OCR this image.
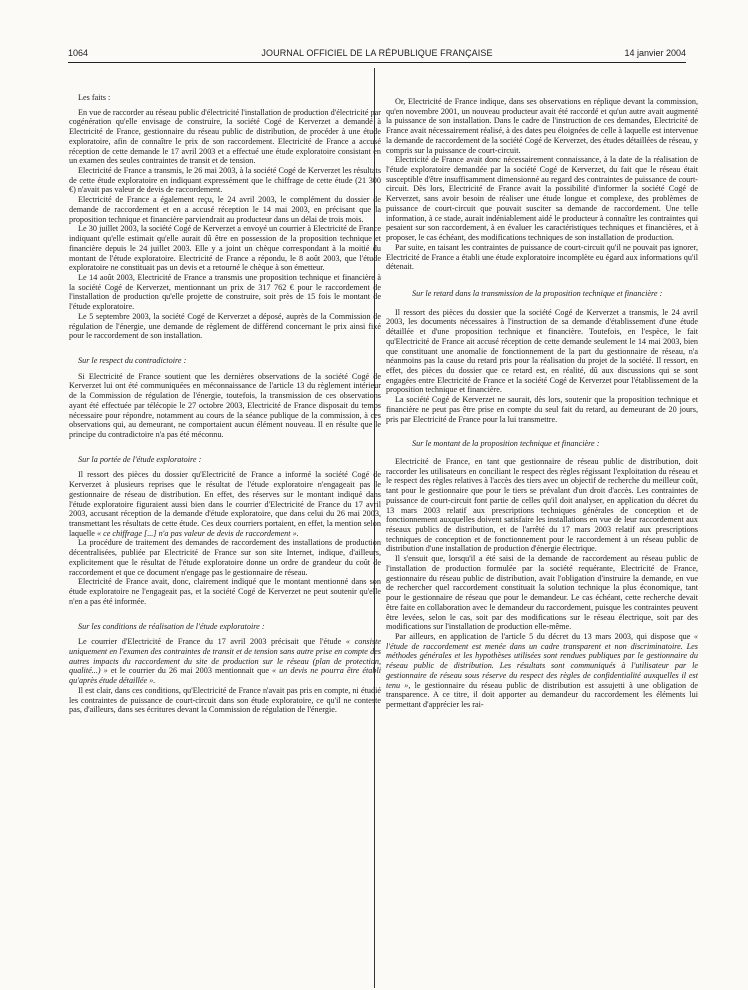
1064	JOURNAL OFFICIEL DE LA RÉPUBLIQUE FRANÇAISE	14 janvier 2004
Les faits :

En vue de raccorder au réseau public d'électricité l'installation de production d'électricité par cogénération qu'elle envisage de construire, la société Cogé de Kerverzet a demandé à Electricité de France, gestionnaire du réseau public de distribution, de procéder à une étude exploratoire, afin de connaître le prix de son raccordement. Electricité de France a accusé réception de cette demande le 17 avril 2003 et a effectué une étude exploratoire consistant en un examen des seules contraintes de transit et de tension.

Electricité de France a transmis, le 26 mai 2003, à la société Cogé de Kerverzet les résultats de cette étude exploratoire en indiquant expressément que le chiffrage de cette étude (21 300 €) n'avait pas valeur de devis de raccordement.

Electricité de France a également reçu, le 24 avril 2003, le complément du dossier de demande de raccordement et en a accusé réception le 14 mai 2003, en précisant que la proposition technique et financière parviendrait au producteur dans un délai de trois mois.

Le 30 juillet 2003, la société Cogé de Kerverzet a envoyé un courrier à Electricité de France indiquant qu'elle estimait qu'elle aurait dû être en possession de la proposition technique et financière depuis le 24 juillet 2003. Elle y a joint un chèque correspondant à la moitié du montant de l'étude exploratoire. Electricité de France a répondu, le 8 août 2003, que l'étude exploratoire ne constituait pas un devis et a retourné le chèque à son émetteur.

Le 14 août 2003, Electricité de France a transmis une proposition technique et financière à la société Cogé de Kerverzet, mentionnant un prix de 317 762 € pour le raccordement de l'installation de production qu'elle projette de construire, soit près de 15 fois le montant de l'étude exploratoire.

Le 5 septembre 2003, la société Cogé de Kerverzet a déposé, auprès de la Commission de régulation de l'énergie, une demande de règlement de différend concernant le prix ainsi fixé pour le raccordement de son installation.

Sur le respect du contradictoire :

Si Electricité de France soutient que les dernières observations de la société Cogé de Kerverzet lui ont été communiquées en méconnaissance de l'article 13 du règlement intérieur de la Commission de régulation de l'énergie, toutefois, la transmission de ces observations ayant été effectuée par télécopie le 27 octobre 2003, Electricité de France disposait du temps nécessaire pour répondre, notamment au cours de la séance publique de la commission, à ces observations qui, au demeurant, ne comportaient aucun élément nouveau. Il en résulte que le principe du contradictoire n'a pas été méconnu.

Sur la portée de l'étude exploratoire :

Il ressort des pièces du dossier qu'Electricité de France a informé la société Cogé de Kerverzet à plusieurs reprises que le résultat de l'étude exploratoire n'engageait pas le gestionnaire de réseau de distribution. En effet, des réserves sur le montant indiqué dans l'étude exploratoire figuraient aussi bien dans le courrier d'Electricité de France du 17 avril 2003, accusant réception de la demande d'étude exploratoire, que dans celui du 26 mai 2003, transmettant les résultats de cette étude. Ces deux courriers portaient, en effet, la mention selon laquelle « ce chiffrage [...] n'a pas valeur de devis de raccordement ».

La procédure de traitement des demandes de raccordement des installations de production décentralisées, publiée par Electricité de France sur son site Internet, indique, d'ailleurs, explicitement que le résultat de l'étude exploratoire donne un ordre de grandeur du coût de raccordement et que ce document n'engage pas le gestionnaire de réseau.

Electricité de France avait, donc, clairement indiqué que le montant mentionné dans son étude exploratoire ne l'engageait pas, et la société Cogé de Kerverzet ne peut soutenir qu'elle n'en a pas été informée.

Sur les conditions de réalisation de l'étude exploratoire :

Le courrier d'Electricité de France du 17 avril 2003 précisait que l'étude « consiste uniquement en l'examen des contraintes de transit et de tension sans autre prise en compte des autres impacts du raccordement du site de production sur le réseau (plan de protection, qualité...) » et le courrier du 26 mai 2003 mentionnait que « un devis ne pourra être établi qu'après étude détaillée ».

Il est clair, dans ces conditions, qu'Electricité de France n'avait pas pris en compte, ni étudié les contraintes de puissance de court-circuit dans son étude exploratoire, ce qu'il ne conteste pas, d'ailleurs, dans ses écritures devant la Commission de régulation de l'énergie.

Or, Electricité de France indique, dans ses observations en réplique devant la commission, qu'en novembre 2001, un nouveau producteur avait été raccordé et qu'un autre avait augmenté la puissance de son installation. Dans le cadre de l'instruction de ces demandes, Electricité de France avait nécessairement réalisé, à des dates peu éloignées de celle à laquelle est intervenue la demande de raccordement de la société Cogé de Kerverzet, des études détaillées de réseau, y compris sur la puissance de court-circuit.

Electricité de France avait donc nécessairement connaissance, à la date de la réalisation de l'étude exploratoire demandée par la société Cogé de Kerverzet, du fait que le réseau était susceptible d'être insuffisamment dimensionné au regard des contraintes de puissance de court-circuit. Dès lors, Electricité de France avait la possibilité d'informer la société Cogé de Kerverzet, sans avoir besoin de réaliser une étude longue et complexe, des problèmes de puissance de court-circuit que pouvait susciter sa demande de raccordement. Une telle information, à ce stade, aurait indéniablement aidé le producteur à connaître les contraintes qui pesaient sur son raccordement, à en évaluer les caractéristiques techniques et financières, et à proposer, le cas échéant, des modifications techniques de son installation de production.

Par suite, en taisant les contraintes de puissance de court-circuit qu'il ne pouvait pas ignorer, Electricité de France a établi une étude exploratoire incomplète eu égard aux informations qu'il détenait.

Sur le retard dans la transmission de la proposition technique et financière :

Il ressort des pièces du dossier que la société Cogé de Kerverzet a transmis, le 24 avril 2003, les documents nécessaires à l'instruction de sa demande d'établissement d'une étude détaillée et d'une proposition technique et financière. Toutefois, en l'espèce, le fait qu'Electricité de France ait accusé réception de cette demande seulement le 14 mai 2003, bien que constituant une anomalie de fonctionnement de la part du gestionnaire de réseau, n'a néanmoins pas la cause du retard pris pour la réalisation du projet de la société. Il ressort, en effet, des pièces du dossier que ce retard est, en réalité, dû aux discussions qui se sont engagées entre Electricité de France et la société Cogé de Kerverzet pour l'établissement de la proposition technique et financière.

La société Cogé de Kerverzet ne saurait, dès lors, soutenir que la proposition technique et financière ne peut pas être prise en compte du seul fait du retard, au demeurant de 20 jours, pris par Electricité de France pour la lui transmettre.

Sur le montant de la proposition technique et financière :

Electricité de France, en tant que gestionnaire de réseau public de distribution, doit raccorder les utilisateurs en conciliant le respect des règles régissant l'exploitation du réseau et le respect des règles relatives à l'accès des tiers avec un objectif de recherche du meilleur coût, tant pour le gestionnaire que pour le tiers se prévalant d'un droit d'accès. Les contraintes de puissance de court-circuit font partie de celles qu'il doit analyser, en application du décret du 13 mars 2003 relatif aux prescriptions techniques générales de conception et de fonctionnement auxquelles doivent satisfaire les installations en vue de leur raccordement aux réseaux publics de distribution, et de l'arrêté du 17 mars 2003 relatif aux prescriptions techniques de conception et de fonctionnement pour le raccordement à un réseau public de distribution d'une installation de production d'énergie électrique.

Il s'ensuit que, lorsqu'il a été saisi de la demande de raccordement au réseau public de l'installation de production formulée par la société requérante, Electricité de France, gestionnaire du réseau public de distribution, avait l'obligation d'instruire la demande, en vue de rechercher quel raccordement constituait la solution technique la plus économique, tant pour le gestionnaire de réseau que pour le demandeur. Le cas échéant, cette recherche devait être faite en collaboration avec le demandeur du raccordement, puisque les contraintes peuvent être levées, selon le cas, soit par des modifications sur le réseau électrique, soit par des modifications sur l'installation de production elle-même.

Par ailleurs, en application de l'article 5 du décret du 13 mars 2003, qui dispose que « l'étude de raccordement est menée dans un cadre transparent et non discriminatoire. Les méthodes générales et les hypothèses utilisées sont rendues publiques par le gestionnaire du réseau public de distribution. Les résultats sont communiqués à l'utilisateur par le gestionnaire de réseau sous réserve du respect des règles de confidentialité auxquelles il est tenu », le gestionnaire du réseau public de distribution est assujetti à une obligation de transparence. A ce titre, il doit apporter au demandeur du raccordement les éléments lui permettant d'apprécier les rai-
